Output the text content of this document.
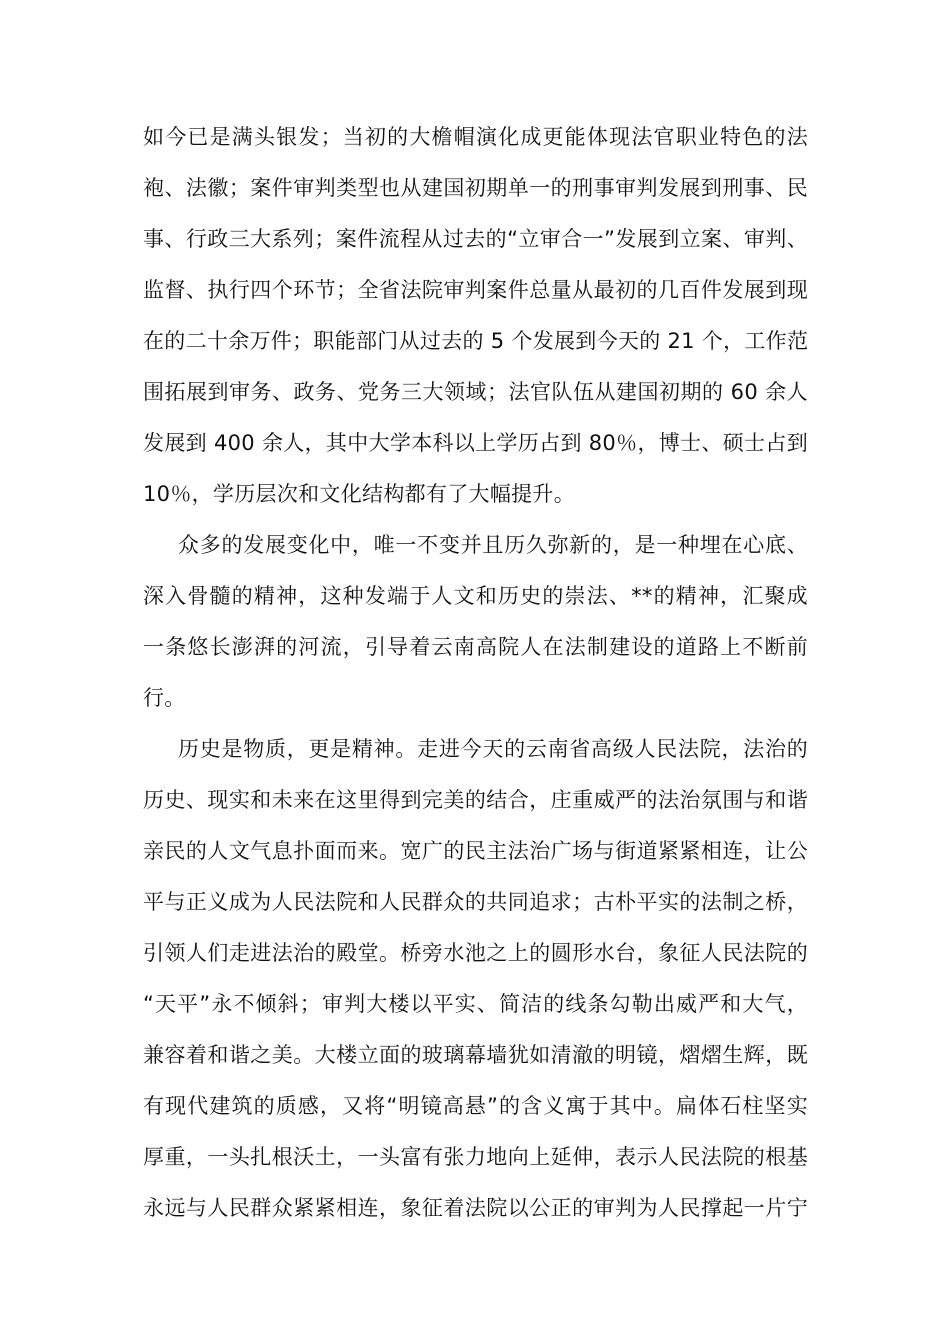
如今已是满头银发；当初的大檐帽演化成更能体现法官职业特色的法
袍、法徽；案件审判类型也从建国初期单一的刑事审判发展到刑事、民
事、行政三大系列；案件流程从过去的“立审合一”发展到立案、审判、
监督、执行四个环节；全省法院审判案件总量从最初的几百件发展到现
在的二十余万件；职能部门从过去的 5 个发展到今天的 21 个，工作范
围拓展到审务、政务、党务三大领域；法官队伍从建国初期的 60 余人
发展到 400 余人，其中大学本科以上学历占到 80％，博士、硕士占到
10％，学历层次和文化结构都有了大幅提升。
众多的发展变化中，唯一不变并且历久弥新的，是一种埋在心底、
深入骨髓的精神，这种发端于人文和历史的崇法、**的精神，汇聚成
一条悠长澎湃的河流，引导着云南高院人在法制建设的道路上不断前
行。
历史是物质，更是精神。走进今天的云南省高级人民法院，法治的
历史、现实和未来在这里得到完美的结合，庄重威严的法治氛围与和谐
亲民的人文气息扑面而来。宽广的民主法治广场与街道紧紧相连，让公
平与正义成为人民法院和人民群众的共同追求；古朴平实的法制之桥，
引领人们走进法治的殿堂。桥旁水池之上的圆形水台，象征人民法院的
“天平”永不倾斜；审判大楼以平实、简洁的线条勾勒出威严和大气，
兼容着和谐之美。大楼立面的玻璃幕墙犹如清澈的明镜，熠熠生辉，既
有现代建筑的质感，又将“明镜高悬”的含义寓于其中。扁体石柱坚实
厚重，一头扎根沃土，一头富有张力地向上延伸，表示人民法院的根基
永远与人民群众紧紧相连，象征着法院以公正的审判为人民撑起一片宁
